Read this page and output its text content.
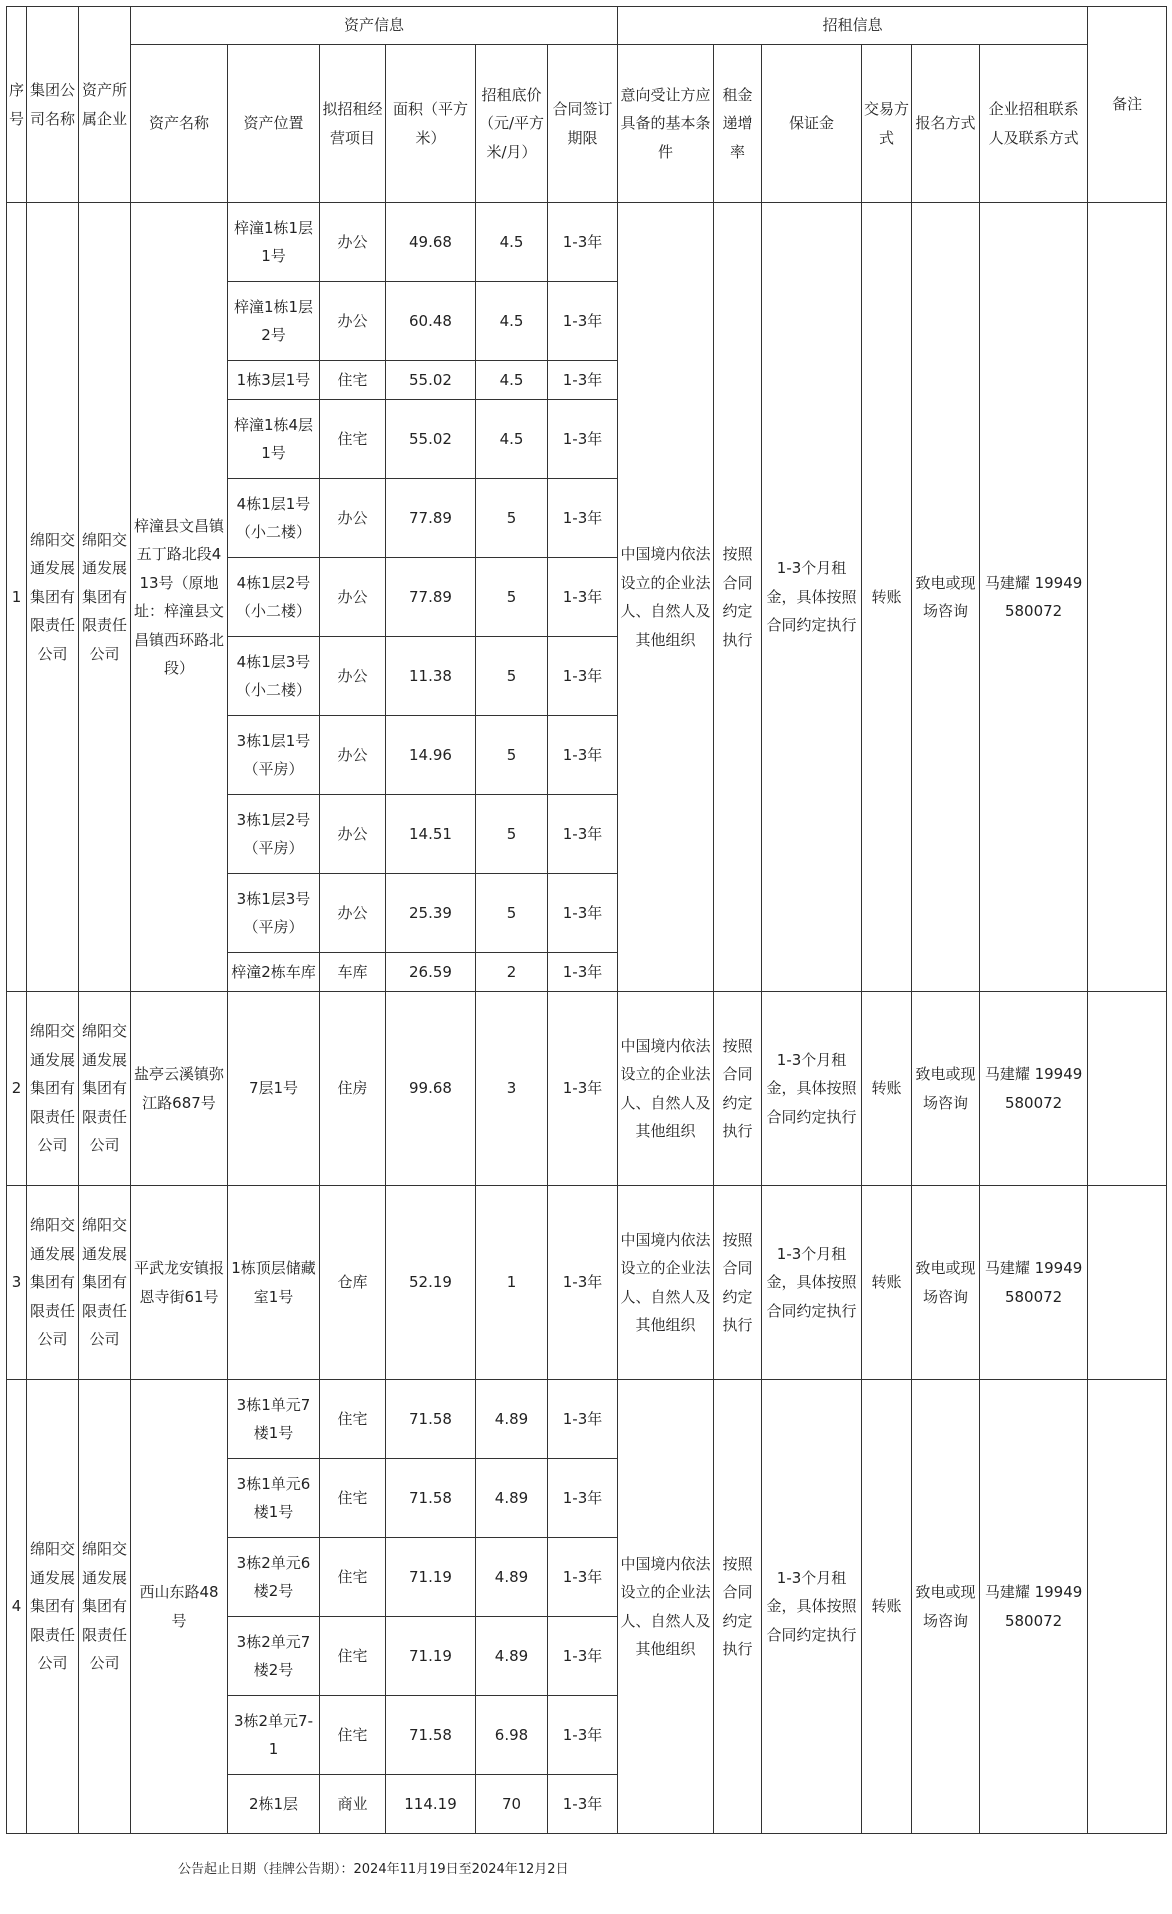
序号	集团公司名称	资产所属企业	资产信息						招租信息						备注
			资产名称	资产位置	拟招租经营项目	面积（平方米）	招租底价（元/平方米/月）	合同签订期限	意向受让方应具备的基本条件	租金递增率	保证金	交易方式	报名方式	企业招租联系人及联系方式	
1	绵阳交通发展集团有限责任公司	绵阳交通发展集团有限责任公司	梓潼县文昌镇五丁路北段413号（原地址：梓潼县文昌镇西环路北段）	梓潼1栋1层1号	办公	49.68	4.5	1-3年	中国境内依法设立的企业法人、自然人及其他组织	按照合同约定执行	1-3个月租金，具体按照合同约定执行	转账	致电或现场咨询	马建耀 19949580072	
				梓潼1栋1层2号	办公	60.48	4.5	1-3年							
				1栋3层1号	住宅	55.02	4.5	1-3年							
				梓潼1栋4层1号	住宅	55.02	4.5	1-3年							
				4栋1层1号（小二楼）	办公	77.89	5	1-3年							
				4栋1层2号（小二楼）	办公	77.89	5	1-3年							
				4栋1层3号（小二楼）	办公	11.38	5	1-3年							
				3栋1层1号（平房）	办公	14.96	5	1-3年							
				3栋1层2号（平房）	办公	14.51	5	1-3年							
				3栋1层3号（平房）	办公	25.39	5	1-3年							
				梓潼2栋车库	车库	26.59	2	1-3年							
2	绵阳交通发展集团有限责任公司	绵阳交通发展集团有限责任公司	盐亭云溪镇弥江路687号	7层1号	住房	99.68	3	1-3年	中国境内依法设立的企业法人、自然人及其他组织	按照合同约定执行	1-3个月租金，具体按照合同约定执行	转账	致电或现场咨询	马建耀 19949580072	
3	绵阳交通发展集团有限责任公司	绵阳交通发展集团有限责任公司	平武龙安镇报恩寺街61号	1栋顶层储藏室1号	仓库	52.19	1	1-3年	中国境内依法设立的企业法人、自然人及其他组织	按照合同约定执行	1-3个月租金，具体按照合同约定执行	转账	致电或现场咨询	马建耀 19949580072	
4	绵阳交通发展集团有限责任公司	绵阳交通发展集团有限责任公司	西山东路48号	3栋1单元7楼1号	住宅	71.58	4.89	1-3年	中国境内依法设立的企业法人、自然人及其他组织	按照合同约定执行	1-3个月租金，具体按照合同约定执行	转账	致电或现场咨询	马建耀 19949580072	
				3栋1单元6楼1号	住宅	71.58	4.89	1-3年							
				3栋2单元6楼2号	住宅	71.19	4.89	1-3年							
				3栋2单元7楼2号	住宅	71.19	4.89	1-3年							
				3栋2单元7-1	住宅	71.58	6.98	1-3年							
				2栋1层	商业	114.19	70	1-3年							
公告起止日期（挂牌公告期）：2024年11月19日至2024年12月2日
